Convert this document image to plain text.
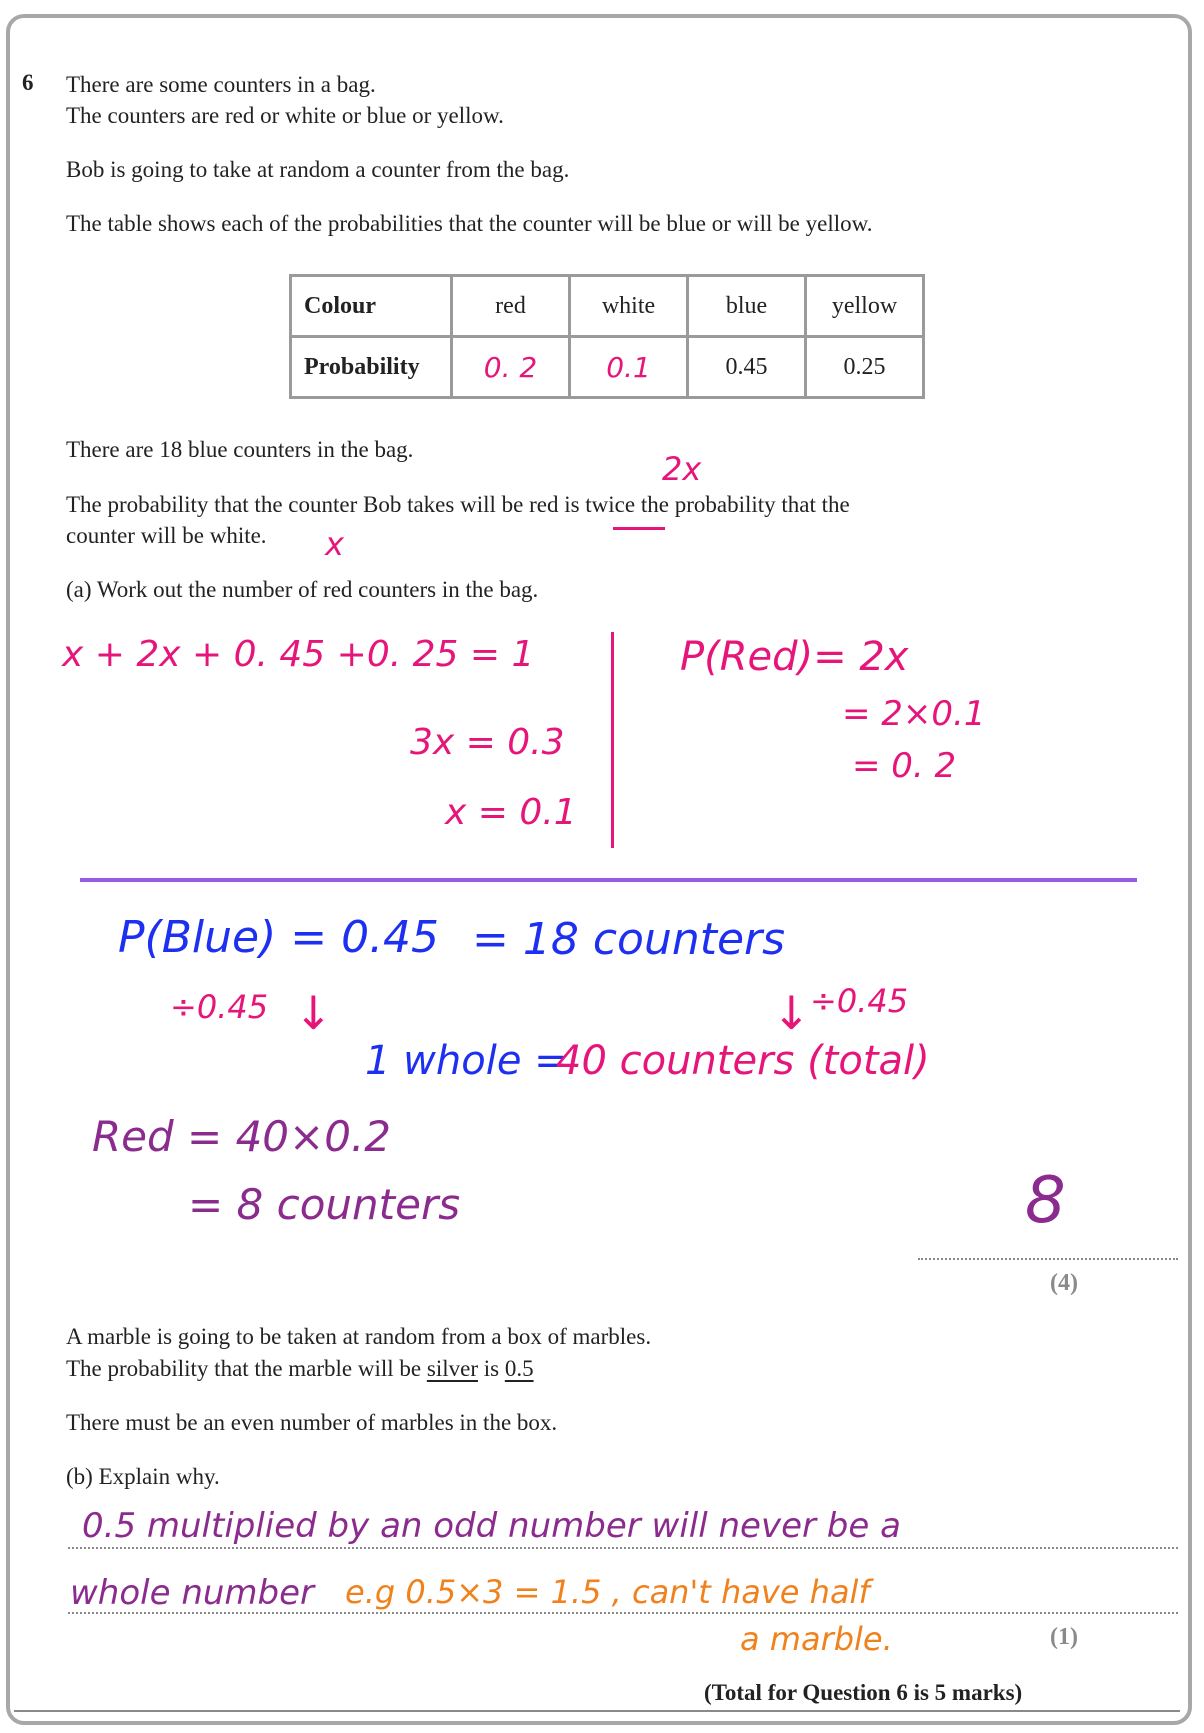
6 There are some counters in a bag.
The counters are red or white or blue or yellow.
Bob is going to take at random a counter from the bag.
The table shows each of the probabilities that the counter will be blue or will be yellow.
Colour	red	white	blue	yellow
Probability	0. 2	0.1	0.45	0.25
There are 18 blue counters in the bag.
2x
The probability that the counter Bob takes will be red is twice the probability that the
counter will be white. x
(a) Work out the number of red counters in the bag.
x + 2x + 0. 45 +0. 25 = 1
3x = 0.3
x = 0.1
P(Red)= 2x
= 2×0.1
= 0. 2
P(Blue) = 0.45 = 18 counters
÷0.45 ↓	↓ ÷0.45
1 whole =
40 counters (total)
Red = 40×0.2
= 8 counters	8
(4)
A marble is going to be taken at random from a box of marbles.
The probability that the marble will be silver is 0.5
There must be an even number of marbles in the box.
(b) Explain why.
0.5 multiplied by an odd number will never be a
whole number e.g 0.5×3 = 1.5 , can't have half
a marble.	(1)
(Total for Question 6 is 5 marks)
